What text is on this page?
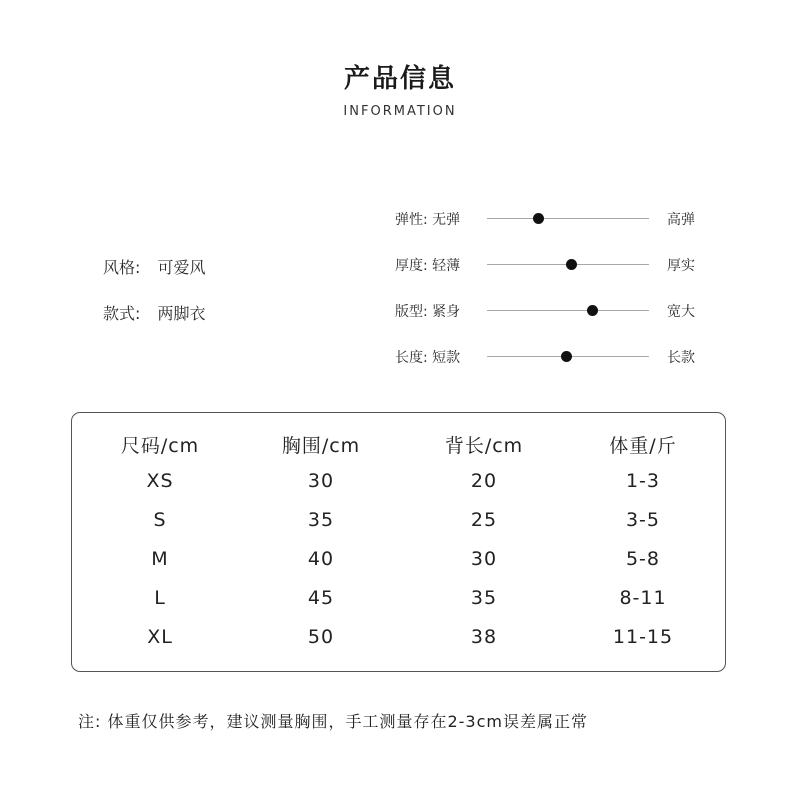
产品信息
INFORMATION
风格: 可爱风
款式: 两脚衣
弹性: 无弹	高弹
厚度: 轻薄	厚实
版型: 紧身	宽大
长度: 短款	长款
尺码/cm	胸围/cm	背长/cm	体重/斤
XS	30	20	1-3
S	35	25	3-5
M	40	30	5-8
L	45	35	8-11
XL	50	38	11-15
注: 体重仅供参考，建议测量胸围，手工测量存在2-3cm误差属正常
